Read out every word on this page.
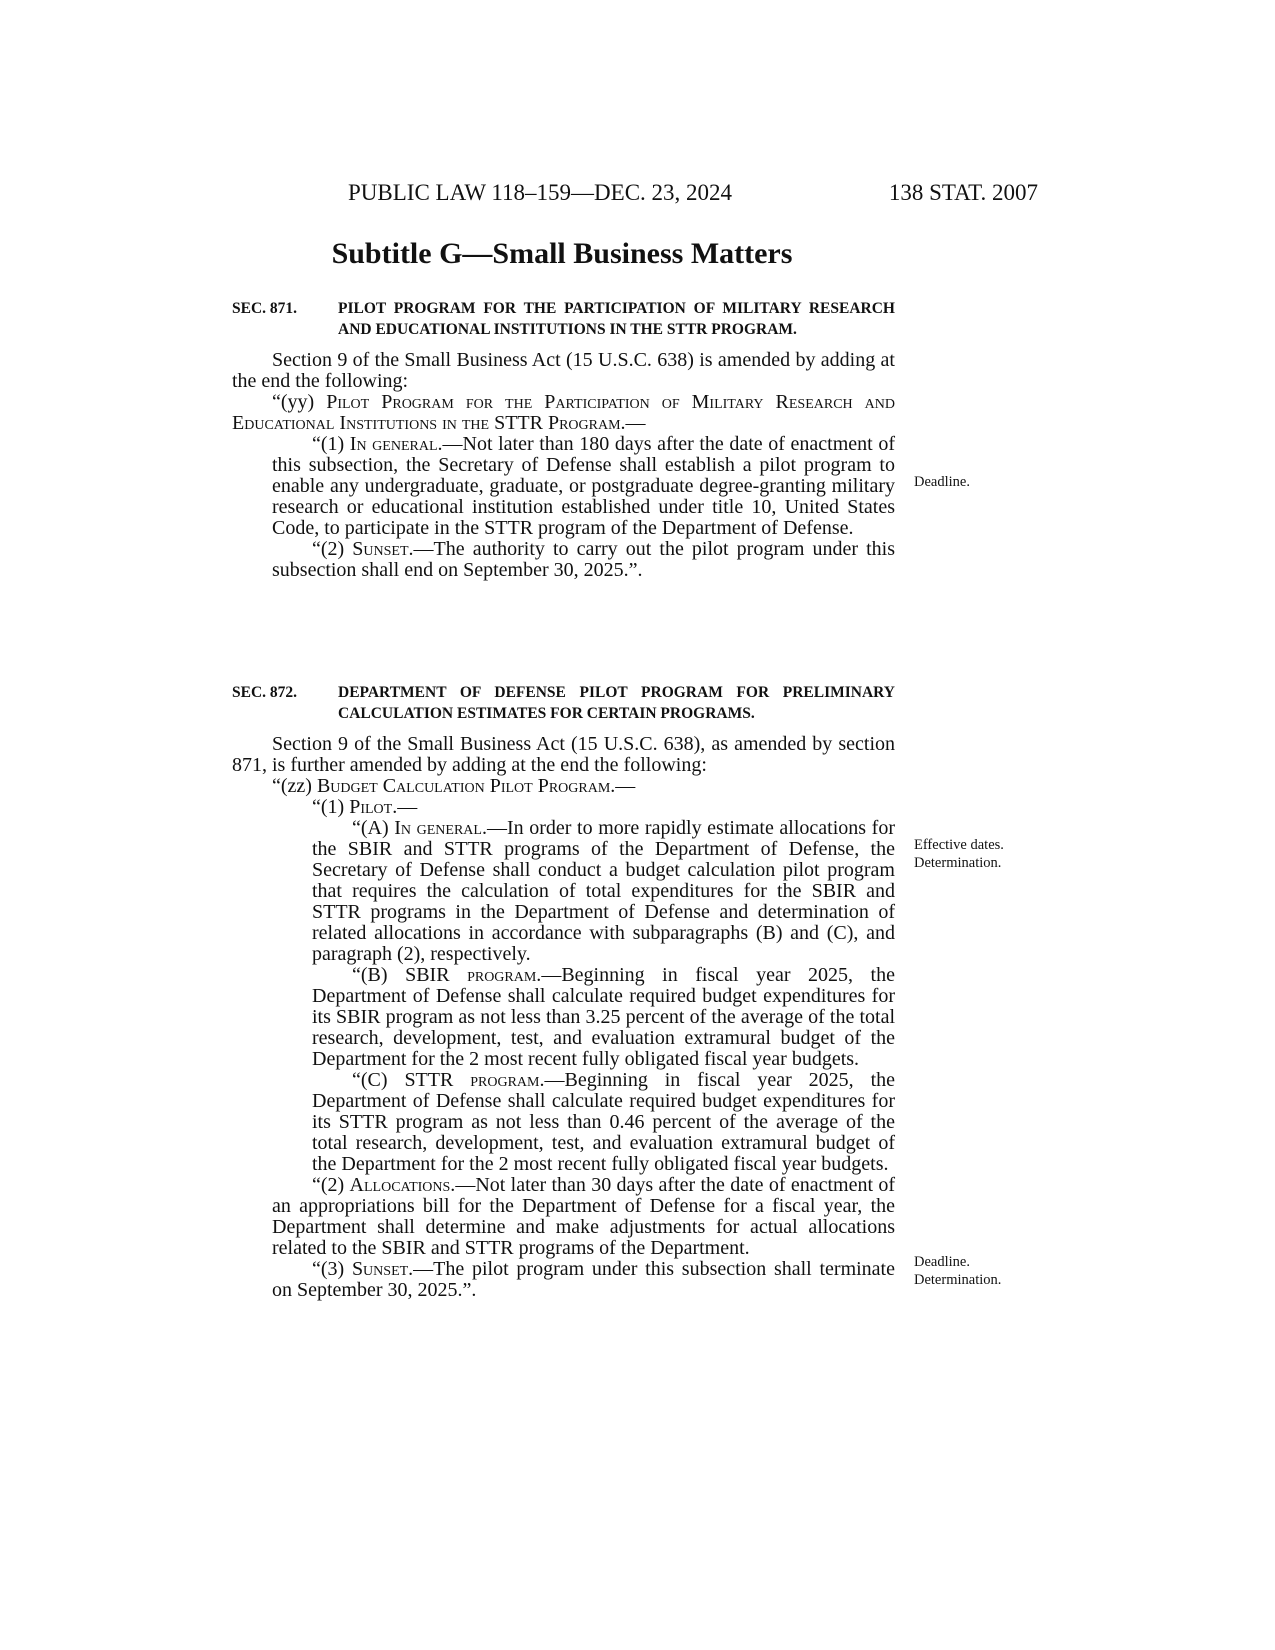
PUBLIC LAW 118–159—DEC. 23, 2024	138 STAT. 2007
Subtitle G—Small Business Matters
SEC. 871.	PILOT PROGRAM FOR THE PARTICIPATION OF MILITARY RESEARCH AND EDUCATIONAL INSTITUTIONS IN THE STTR PROGRAM.

Section 9 of the Small Business Act (15 U.S.C. 638) is amended by adding at the end the following:

“(yy) Pilot Program for the Participation of Military Research and Educational Institutions in the STTR Program.—

“(1) In general.—Not later than 180 days after the date of enactment of this subsection, the Secretary of Defense shall establish a pilot program to enable any undergraduate, graduate, or postgraduate degree-granting military research or educational institution established under title 10, United States Code, to participate in the STTR program of the Department of Defense.

“(2) Sunset.—The authority to carry out the pilot program under this subsection shall end on September 30, 2025.”.

SEC. 872.	DEPARTMENT OF DEFENSE PILOT PROGRAM FOR PRELIMINARY CALCULATION ESTIMATES FOR CERTAIN PROGRAMS.

Section 9 of the Small Business Act (15 U.S.C. 638), as amended by section 871, is further amended by adding at the end the following:

“(zz) Budget Calculation Pilot Program.—

“(1) Pilot.—

“(A) In general.—In order to more rapidly estimate allocations for the SBIR and STTR programs of the Department of Defense, the Secretary of Defense shall conduct a budget calculation pilot program that requires the calculation of total expenditures for the SBIR and STTR programs in the Department of Defense and determination of related allocations in accordance with subparagraphs (B) and (C), and paragraph (2), respectively.

“(B) SBIR program.—Beginning in fiscal year 2025, the Department of Defense shall calculate required budget expenditures for its SBIR program as not less than 3.25 percent of the average of the total research, development, test, and evaluation extramural budget of the Department for the 2 most recent fully obligated fiscal year budgets.

“(C) STTR program.—Beginning in fiscal year 2025, the Department of Defense shall calculate required budget expenditures for its STTR program as not less than 0.46 percent of the average of the total research, development, test, and evaluation extramural budget of the Department for the 2 most recent fully obligated fiscal year budgets.

“(2) Allocations.—Not later than 30 days after the date of enactment of an appropriations bill for the Department of Defense for a fiscal year, the Department shall determine and make adjustments for actual allocations related to the SBIR and STTR programs of the Department.

“(3) Sunset.—The pilot program under this subsection shall terminate on September 30, 2025.”.

Deadline.
Effective dates.
Determination.
Deadline.
Determination.
